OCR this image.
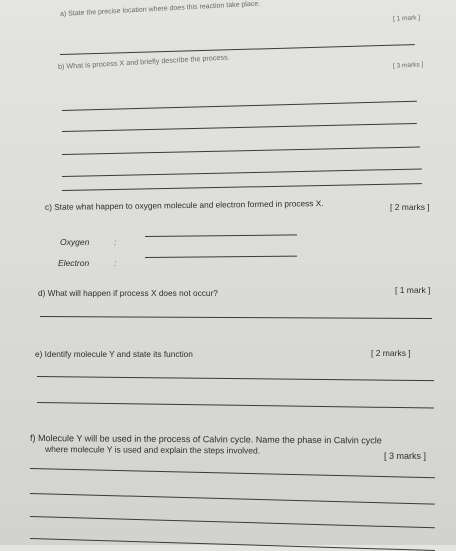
a) State the precise location where does this reaction take place.
[ 1 mark ]
b) What is process X and briefly describe the process.	[ 3 marks ]
c) State what happen to oxygen molecule and electron formed in process X.	[ 2 marks ]
Oxygen	:
Electron	:
d) What will happen if process X does not occur?	[ 1 mark ]
e) Identify molecule Y and state its function	[ 2 marks ]
f) Molecule Y will be used in the process of Calvin cycle. Name the phase in Calvin cycle
where molecule Y is used and explain the steps involved.
[ 3 marks ]
